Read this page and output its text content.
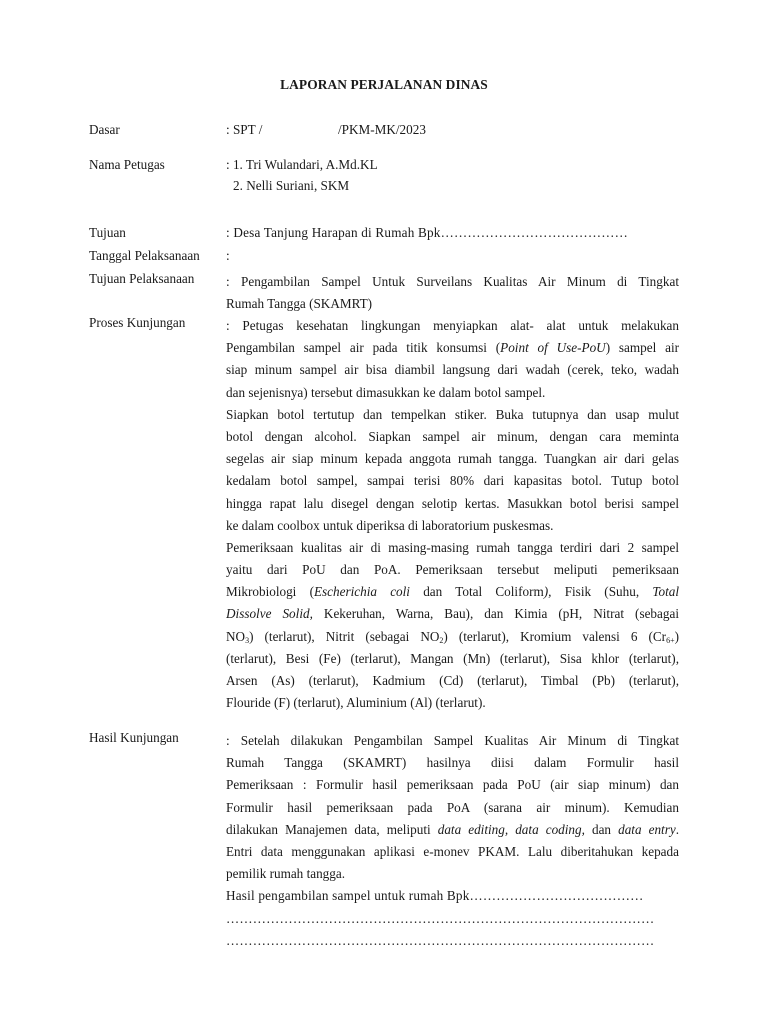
LAPORAN PERJALANAN DINAS
Dasar	: SPT /	/PKM-MK/2023
Nama Petugas	: 1. Tri Wulandari, A.Md.KL
2. Nelli Suriani, SKM
Tujuan	: Desa Tanjung Harapan di Rumah Bpk……………………………………
Tanggal Pelaksanaan	:
Tujuan Pelaksanaan	: Pengambilan Sampel Untuk Surveilans Kualitas Air Minum di Tingkat
Rumah Tangga (SKAMRT)
Proses Kunjungan	: Petugas kesehatan lingkungan menyiapkan alat- alat untuk melakukan
Pengambilan sampel air pada titik konsumsi (Point of Use-PoU) sampel air
siap minum sampel air bisa diambil langsung dari wadah (cerek, teko, wadah
dan sejenisnya) tersebut dimasukkan ke dalam botol sampel.
Siapkan botol tertutup dan tempelkan stiker. Buka tutupnya dan usap mulut
botol dengan alcohol. Siapkan sampel air minum, dengan cara meminta
segelas air siap minum kepada anggota rumah tangga. Tuangkan air dari gelas
kedalam botol sampel, sampai terisi 80% dari kapasitas botol. Tutup botol
hingga rapat lalu disegel dengan selotip kertas. Masukkan botol berisi sampel
ke dalam coolbox untuk diperiksa di laboratorium puskesmas.
Pemeriksaan kualitas air di masing-masing rumah tangga terdiri dari 2 sampel
yaitu dari PoU dan PoA. Pemeriksaan tersebut meliputi pemeriksaan
Mikrobiologi (Escherichia coli dan Total Coliform), Fisik (Suhu, Total
Dissolve Solid, Kekeruhan, Warna, Bau), dan Kimia (pH, Nitrat (sebagai
$NO_3$) (terlarut), Nitrit (sebagai $NO_2$) (terlarut), Kromium valensi 6 $(Cr_{6+})$
(terlarut), Besi (Fe) (terlarut), Mangan (Mn) (terlarut), Sisa khlor (terlarut),
Arsen (As) (terlarut), Kadmium (Cd) (terlarut), Timbal (Pb) (terlarut),
Flouride (F) (terlarut), Aluminium (Al) (terlarut).
Hasil Kunjungan	: Setelah dilakukan Pengambilan Sampel Kualitas Air Minum di Tingkat
Rumah Tangga (SKAMRT) hasilnya diisi dalam Formulir hasil
Pemeriksaan : Formulir hasil pemeriksaan pada PoU (air siap minum) dan
Formulir hasil pemeriksaan pada PoA (sarana air minum). Kemudian
dilakukan Manajemen data, meliputi data editing, data coding, dan data entry.
Entri data menggunakan aplikasi e-monev PKAM. Lalu diberitahukan kepada
pemilik rumah tangga.
Hasil pengambilan sampel untuk rumah Bpk…………………………………
……………………………………………………………………………………
……………………………………………………………………………………
